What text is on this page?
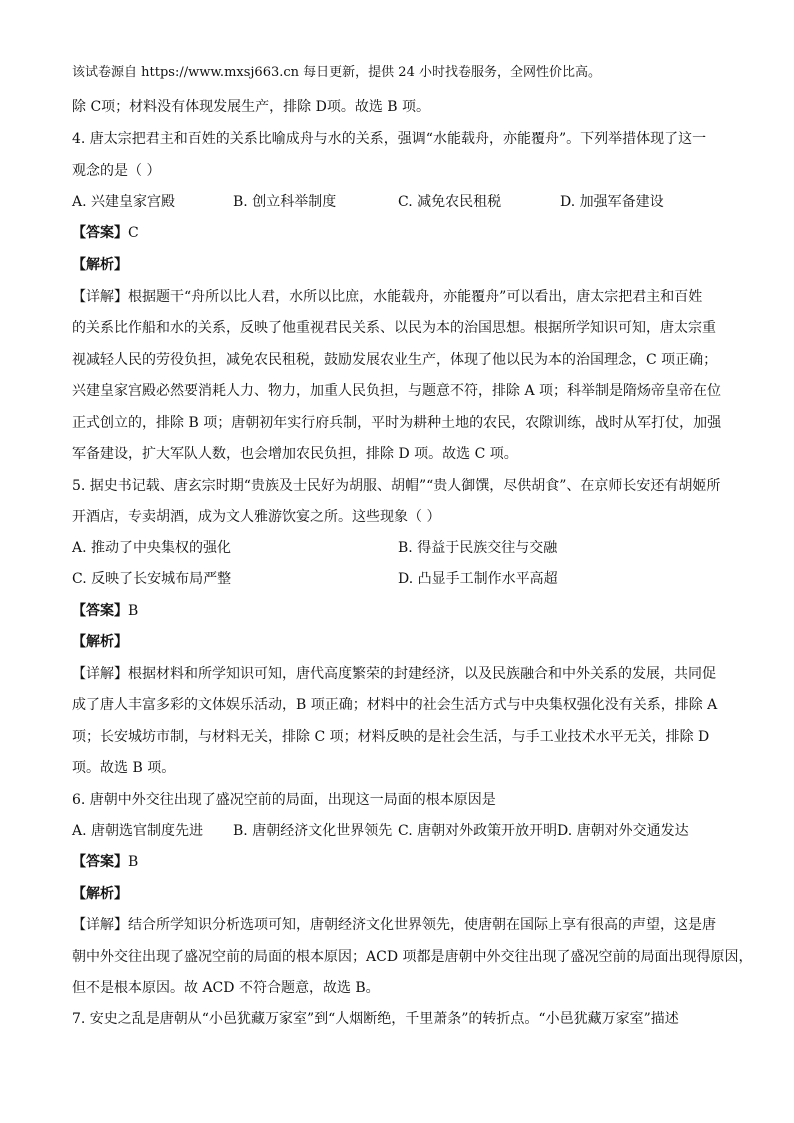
该试卷源自 https://www.mxsj663.cn 每日更新，提供 24 小时找卷服务，全网性价比高。
除 C项；材料没有体现发展生产，排除 D项。故选 B 项。
4. 唐太宗把君主和百姓的关系比喻成舟与水的关系，强调“水能载舟，亦能覆舟”。下列举措体现了这一
观念的是（ ）
A. 兴建皇家宫殿	B. 创立科举制度	C. 减免农民租税	D. 加强军备建设
【答案】C
【解析】
【详解】根据题干“舟所以比人君，水所以比庶，水能载舟，亦能覆舟”可以看出，唐太宗把君主和百姓
的关系比作船和水的关系，反映了他重视君民关系、以民为本的治国思想。根据所学知识可知，唐太宗重
视减轻人民的劳役负担，减免农民租税，鼓励发展农业生产，体现了他以民为本的治国理念，C 项正确；
兴建皇家宫殿必然要消耗人力、物力，加重人民负担，与题意不符，排除 A 项；科举制是隋炀帝皇帝在位
正式创立的，排除 B 项；唐朝初年实行府兵制，平时为耕种土地的农民，农隙训练，战时从军打仗，加强
军备建设，扩大军队人数，也会增加农民负担，排除 D 项。故选 C 项。
5. 据史书记载、唐玄宗时期“贵族及士民好为胡服、胡帽”“贵人御馔，尽供胡食”、在京师长安还有胡姬所
开酒店，专卖胡酒，成为文人雅游饮宴之所。这些现象（ ）
A. 推动了中央集权的强化	B. 得益于民族交往与交融
C. 反映了长安城布局严整	D. 凸显手工制作水平高超
【答案】B
【解析】
【详解】根据材料和所学知识可知，唐代高度繁荣的封建经济，以及民族融合和中外关系的发展，共同促
成了唐人丰富多彩的文体娱乐活动，B 项正确；材料中的社会生活方式与中央集权强化没有关系，排除 A
项；长安城坊市制，与材料无关，排除 C 项；材料反映的是社会生活，与手工业技术水平无关，排除 D
项。故选 B 项。
6. 唐朝中外交往出现了盛况空前的局面，出现这一局面的根本原因是
A. 唐朝选官制度先进 B. 唐朝经济文化世界领先 C. 唐朝对外政策开放开明 D. 唐朝对外交通发达
【答案】B
【解析】
【详解】结合所学知识分析选项可知，唐朝经济文化世界领先，使唐朝在国际上享有很高的声望，这是唐
朝中外交往出现了盛况空前的局面的根本原因；ACD 项都是唐朝中外交往出现了盛况空前的局面出现得原因，
但不是根本原因。故 ACD 不符合题意，故选 B。
7. 安史之乱是唐朝从“小邑犹藏万家室”到“人烟断绝，千里萧条”的转折点。“小邑犹藏万家室”描述
